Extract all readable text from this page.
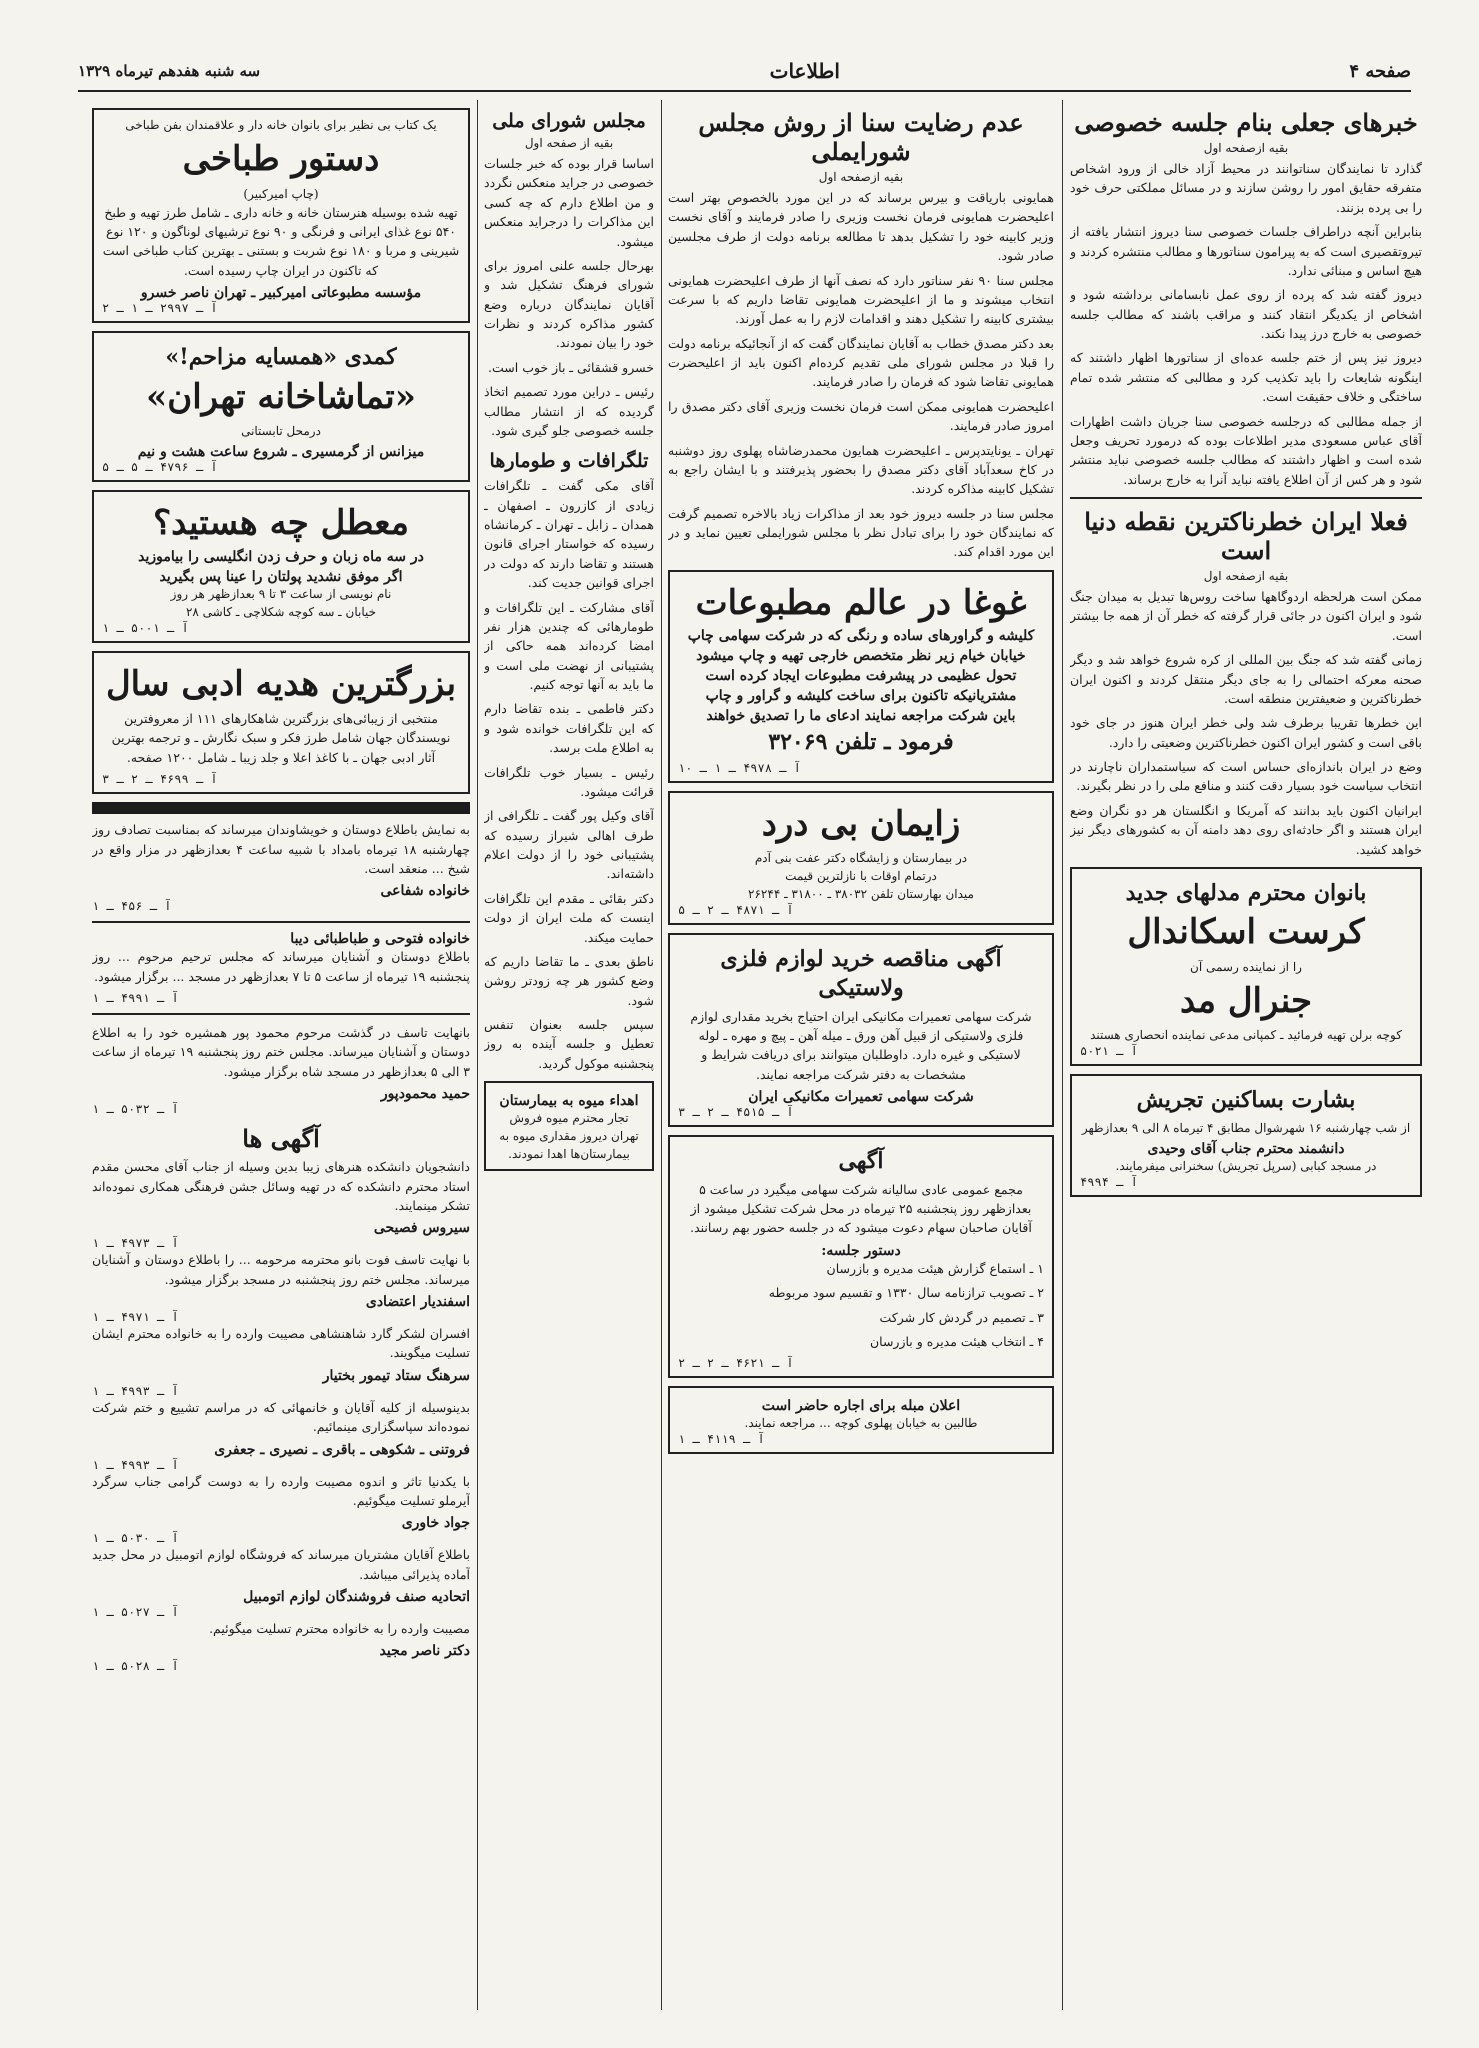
صفحه ۴
اطلاعات
سه شنبه هفدهم تیرماه ۱۳۲۹
خبرهای جعلی بنام جلسه خصوصی
بقیه ازصفحه اول

گذارد تا نمایندگان سناتوانند در محیط آزاد خالی از ورود اشخاص متفرقه حقایق امور را روشن سازند و در مسائل مملکتی حرف خود را بی پرده بزنند.

بنابراین آنچه دراطراف جلسات خصوصی سنا دیروز انتشار یافته از تیروتقصیری است که به پیرامون سناتورها و مطالب منتشره کردند و هیچ اساس و مبنائی ندارد.

دیروز گفته شد که پرده از روی عمل نابسامانی برداشته شود و اشخاص از یکدیگر انتقاد کنند و مراقب باشند که مطالب جلسه خصوصی به خارج درز پیدا نکند.

دیروز نیز پس از ختم جلسه عده‌ای از سناتورها اظهار داشتند که اینگونه شایعات را باید تکذیب کرد و مطالبی که منتشر شده تمام ساختگی و خلاف حقیقت است.

از جمله مطالبی که درجلسه خصوصی سنا جریان داشت اظهارات آقای عباس مسعودی مدیر اطلاعات بوده که درمورد تحریف وجعل شده است و اظهار داشتند که مطالب جلسه خصوصی نباید منتشر شود و هر کس از آن اطلاع یافته نباید آنرا به خارج برساند.

فعلا ایران خطرناکترین نقطه دنیا است
بقیه ازصفحه اول

ممکن است هرلحظه اردوگاهها ساخت روس‌ها تبدیل به میدان جنگ شود و ایران اکنون در جائی قرار گرفته که خطر آن از همه جا بیشتر است.

زمانی گفته شد که جنگ بین المللی از کره شروع خواهد شد و دیگر صحنه معرکه احتمالی را به جای دیگر منتقل کردند و اکنون ایران خطرناکترین و ضعیفترین منطقه است.

این خطرها تقریبا برطرف شد ولی خطر ایران هنوز در جای خود باقی است و کشور ایران اکنون خطرناکترین وضعیتی را دارد.

وضع در ایران باندازه‌ای حساس است که سیاستمداران ناچارند در انتخاب سیاست خود بسیار دقت کنند و منافع ملی را در نظر بگیرند.

ایرانیان اکنون باید بدانند که آمریکا و انگلستان هر دو نگران وضع ایران هستند و اگر حادثه‌ای روی دهد دامنه آن به کشورهای دیگر نیز خواهد کشید.

بانوان محترم مدلهای جدید
کرست اسکاندال
را از نماینده رسمی آن
جنرال مد
کوچه برلن تهیه فرمائید ـ کمپانی مدعی نماینده انحصاری هستند
آ ـ ۵۰۲۱
بشارت بساکنین تجریش
از شب چهارشنبه ۱۶ شهرشوال مطابق ۴ تیرماه ۸ الی ۹ بعدازظهر
دانشمند محترم جناب آقای وحیدی
در مسجد کبابی (سرپل تجریش) سخنرانی میفرمایند.
آ ـ ۴۹۹۴
عدم رضایت سنا از روش مجلس شورایملی
بقیه ازصفحه اول

همایونی باریاقت و بیرس برساند که در این مورد بالخصوص بهتر است اعلیحضرت همایونی فرمان نخست وزیری را صادر فرمایند و آقای نخست وزیر کابینه خود را تشکیل بدهد تا مطالعه برنامه دولت از طرف مجلسین صادر شود.

مجلس سنا ۹۰ نفر سناتور دارد که نصف آنها از طرف اعلیحضرت همایونی انتخاب میشوند و ما از اعلیحضرت همایونی تقاضا داریم که با سرعت بیشتری کابینه را تشکیل دهند و اقدامات لازم را به عمل آورند.

بعد دکتر مصدق خطاب به آقایان نمایندگان گفت که از آنجائیکه برنامه دولت را قبلا در مجلس شورای ملی تقدیم کرده‌ام اکنون باید از اعلیحضرت همایونی تقاضا شود که فرمان را صادر فرمایند.

اعلیحضرت همایونی ممکن است فرمان نخست وزیری آقای دکتر مصدق را امروز صادر فرمایند.

تهران ـ یونایتدپرس ـ اعلیحضرت همایون محمدرضاشاه پهلوی روز دوشنبه در کاخ سعدآباد آقای دکتر مصدق را بحضور پذیرفتند و با ایشان راجع به تشکیل کابینه مذاکره کردند.

مجلس سنا در جلسه دیروز خود بعد از مذاکرات زیاد بالاخره تصمیم گرفت که نمایندگان خود را برای تبادل نظر با مجلس شورایملی تعیین نماید و در این مورد اقدام کند.

غوغا در عالم مطبوعات
کلیشه و گراورهای ساده و رنگی که در شرکت سهامی چاپ
خیابان خیام زیر نظر متخصص خارجی تهیه و چاپ میشود
تحول عظیمی در پیشرفت مطبوعات ایجاد کرده است
مشتریانیکه تاکنون برای ساخت کلیشه و گراور و چاپ
باین شرکت مراجعه نمایند ادعای ما را تصدیق خواهند
فرمود ـ تلفن ۳۲۰۶۹
آ ـ ۴۹۷۸ ـ ۱ ـ ۱۰
زایمان بی درد
در بیمارستان و زایشگاه دکتر عفت بنی آدم
درتمام اوقات با نازلترین قیمت
میدان بهارستان تلفن ۳۸۰۳۲ ـ ۳۱۸۰۰ ـ ۲۶۲۴۴
آ ـ ۴۸۷۱ ـ ۲ ـ ۵
آگهی مناقصه خرید لوازم فلزی ولاستیکی

شرکت سهامی تعمیرات مکانیکی ایران احتیاج بخرید مقداری لوازم فلزی ولاستیکی از قبیل آهن ورق ـ میله آهن ـ پیچ و مهره ـ لوله لاستیکی و غیره دارد. داوطلبان میتوانند برای دریافت شرایط و مشخصات به دفتر شرکت مراجعه نمایند.

شرکت سهامی تعمیرات مکانیکی ایران
آ ـ ۴۵۱۵ ـ ۲ ـ ۳
آگهی

مجمع عمومی عادی سالیانه شرکت سهامی میگیرد در ساعت ۵ بعدازظهر روز پنجشنبه ۲۵ تیرماه در محل شرکت تشکیل میشود از آقایان صاحبان سهام دعوت میشود که در جلسه حضور بهم رسانند.

دستور جلسه:

۱ ـ استماع گزارش هیئت مدیره و بازرسان

۲ ـ تصویب ترازنامه سال ۱۳۳۰ و تقسیم سود مربوطه

۳ ـ تصمیم در گردش کار شرکت

۴ ـ انتخاب هیئت مدیره و بازرسان

آ ـ ۴۶۲۱ ـ ۲ ـ ۲
اعلان مبله برای اجاره حاضر است
طالبین به خیابان پهلوی کوچه ... مراجعه نمایند.
آ ـ ۴۱۱۹ ـ ۱
مجلس شورای ملی
بقیه از صفحه اول

اساسا قرار بوده که خبر جلسات خصوصی در جراید منعکس نگردد و من اطلاع دارم که چه کسی این مذاکرات را درجراید منعکس میشود.

بهرحال جلسه علنی امروز برای شورای فرهنگ تشکیل شد و آقایان نمایندگان درباره وضع کشور مذاکره کردند و نظرات خود را بیان نمودند.

خسرو قشقائی ـ باز خوب است.

رئیس ـ دراین مورد تصمیم اتخاذ گردیده که از انتشار مطالب جلسه خصوصی جلو گیری شود.

تلگرافات و طومارها

آقای مکی گفت ـ تلگرافات زیادی از کازرون ـ اصفهان ـ همدان ـ زابل ـ تهران ـ کرمانشاه رسیده که خواستار اجرای قانون هستند و تقاضا دارند که دولت در اجرای قوانین جدیت کند.

آقای مشارکت ـ این تلگرافات و طومارهائی که چندین هزار نفر امضا کرده‌اند همه حاکی از پشتیبانی از نهضت ملی است و ما باید به آنها توجه کنیم.

دکتر فاطمی ـ بنده تقاضا دارم که این تلگرافات خوانده شود و به اطلاع ملت برسد.

رئیس ـ بسیار خوب تلگرافات قرائت میشود.

آقای وکیل پور گفت ـ تلگرافی از طرف اهالی شیراز رسیده که پشتیبانی خود را از دولت اعلام داشته‌اند.

دکتر بقائی ـ مقدم این تلگرافات اینست که ملت ایران از دولت حمایت میکند.

ناطق بعدی ـ ما تقاضا داریم که وضع کشور هر چه زودتر روشن شود.

سپس جلسه بعنوان تنفس تعطیل و جلسه آینده به روز پنجشنبه موکول گردید.

اهداء میوه به بیمارستان
تجار محترم میوه فروش تهران دیروز مقداری میوه به بیمارستان‌ها اهدا نمودند.
یک کتاب بی نظیر برای بانوان خانه دار و علاقمندان بفن طباخی
دستور طباخی
(چاپ امیرکبیر)

تهیه شده بوسیله هنرستان خانه و خانه داری ـ شامل طرز تهیه و طبخ ۵۴۰ نوع غذای ایرانی و فرنگی و ۹۰ نوع ترشیهای لوناگون و ۱۲۰ نوع شیرینی و مربا و ۱۸۰ نوع شربت و بستنی ـ بهترین کتاب طباخی است که تاکنون در ایران چاپ رسیده است.

مؤسسه مطبوعاتی امیرکبیر ـ تهران ناصر خسرو
آ ـ ۲۹۹۷ ـ ۱ ـ ۲
کمدی «همسایه مزاحم!»
«تماشاخانه تهران»
درمحل تابستانی
میزانس از گرمسیری ـ شروع ساعت هشت و نیم
آ ـ ۴۷۹۶ ـ ۵ ـ ۵
معطل چه هستید؟
در سه ماه زبان و حرف زدن انگلیسی را بیاموزید
اگر موفق نشدید پولتان را عینا پس بگیرید
نام نویسی از ساعت ۳ تا ۹ بعدازظهر هر روز
خیابان ـ سه کوچه شکلاچی ـ کاشی ۲۸
آ ـ ۵۰۰۱ ـ ۱
بزرگترین هدیه ادبی سال

منتخبی از زیبائی‌های بزرگترین شاهکارهای ۱۱۱ از معروفترین نویسندگان جهان شامل طرز فکر و سبک نگارش ـ و ترجمه بهترین آثار ادبی جهان ـ با کاغذ اعلا و جلد زیبا ـ شامل ۱۲۰۰ صفحه.

آ ـ ۴۶۹۹ ـ ۲ ـ ۳

به نمایش باطلاع دوستان و خویشاوندان میرساند که بمناسبت تصادف روز چهارشنبه ۱۸ تیرماه بامداد با شبیه ساعت ۴ بعدازظهر در مزار واقع در شیخ ... منعقد است.

خانواده شفاعی
آ ـ ۴۵۶ ـ ۱
خانواده فتوحی و طباطبائی دیبا

باطلاع دوستان و آشنایان میرساند که مجلس ترحیم مرحوم ... روز پنجشنبه ۱۹ تیرماه از ساعت ۵ تا ۷ بعدازظهر در مسجد ... برگزار میشود.

آ ـ ۴۹۹۱ ـ ۱

بانهایت تاسف در گذشت مرحوم محمود پور همشیره خود را به اطلاع دوستان و آشنایان میرساند. مجلس ختم روز پنجشنبه ۱۹ تیرماه از ساعت ۳ الی ۵ بعدازظهر در مسجد شاه برگزار میشود.

حمید محمودپور
آ ـ ۵۰۳۲ ـ ۱
آگهی ها

دانشجویان دانشکده هنرهای زیبا بدین وسیله از جناب آقای محسن مقدم استاد محترم دانشکده که در تهیه وسائل جشن فرهنگی همکاری نموده‌اند تشکر مینمایند.

سیروس فصیحی
آ ـ ۴۹۷۳ ـ ۱

با نهایت تاسف فوت بانو محترمه مرحومه ... را باطلاع دوستان و آشنایان میرساند. مجلس ختم روز پنجشنبه در مسجد برگزار میشود.

اسفندیار اعتضادی
آ ـ ۴۹۷۱ ـ ۱

افسران لشکر گارد شاهنشاهی مصیبت وارده را به خانواده محترم ایشان تسلیت میگویند.

سرهنگ ستاد تیمور بختیار
آ ـ ۴۹۹۳ ـ ۱

بدینوسیله از کلیه آقایان و خانمهائی که در مراسم تشییع و ختم شرکت نموده‌اند سپاسگزاری مینمائیم.

فروتنی ـ شکوهی ـ باقری ـ نصیری ـ جعفری
آ ـ ۴۹۹۳ ـ ۱

با یکدنیا تاثر و اندوه مصیبت وارده را به دوست گرامی جناب سرگرد آیرملو تسلیت میگوئیم.

جواد خاوری
آ ـ ۵۰۳۰ ـ ۱

باطلاع آقایان مشتریان میرساند که فروشگاه لوازم اتومبیل در محل جدید آماده پذیرائی میباشد.

اتحادیه صنف فروشندگان لوازم اتومبیل
آ ـ ۵۰۲۷ ـ ۱

مصیبت وارده را به خانواده محترم تسلیت میگوئیم.

دکتر ناصر مجید
آ ـ ۵۰۲۸ ـ ۱
